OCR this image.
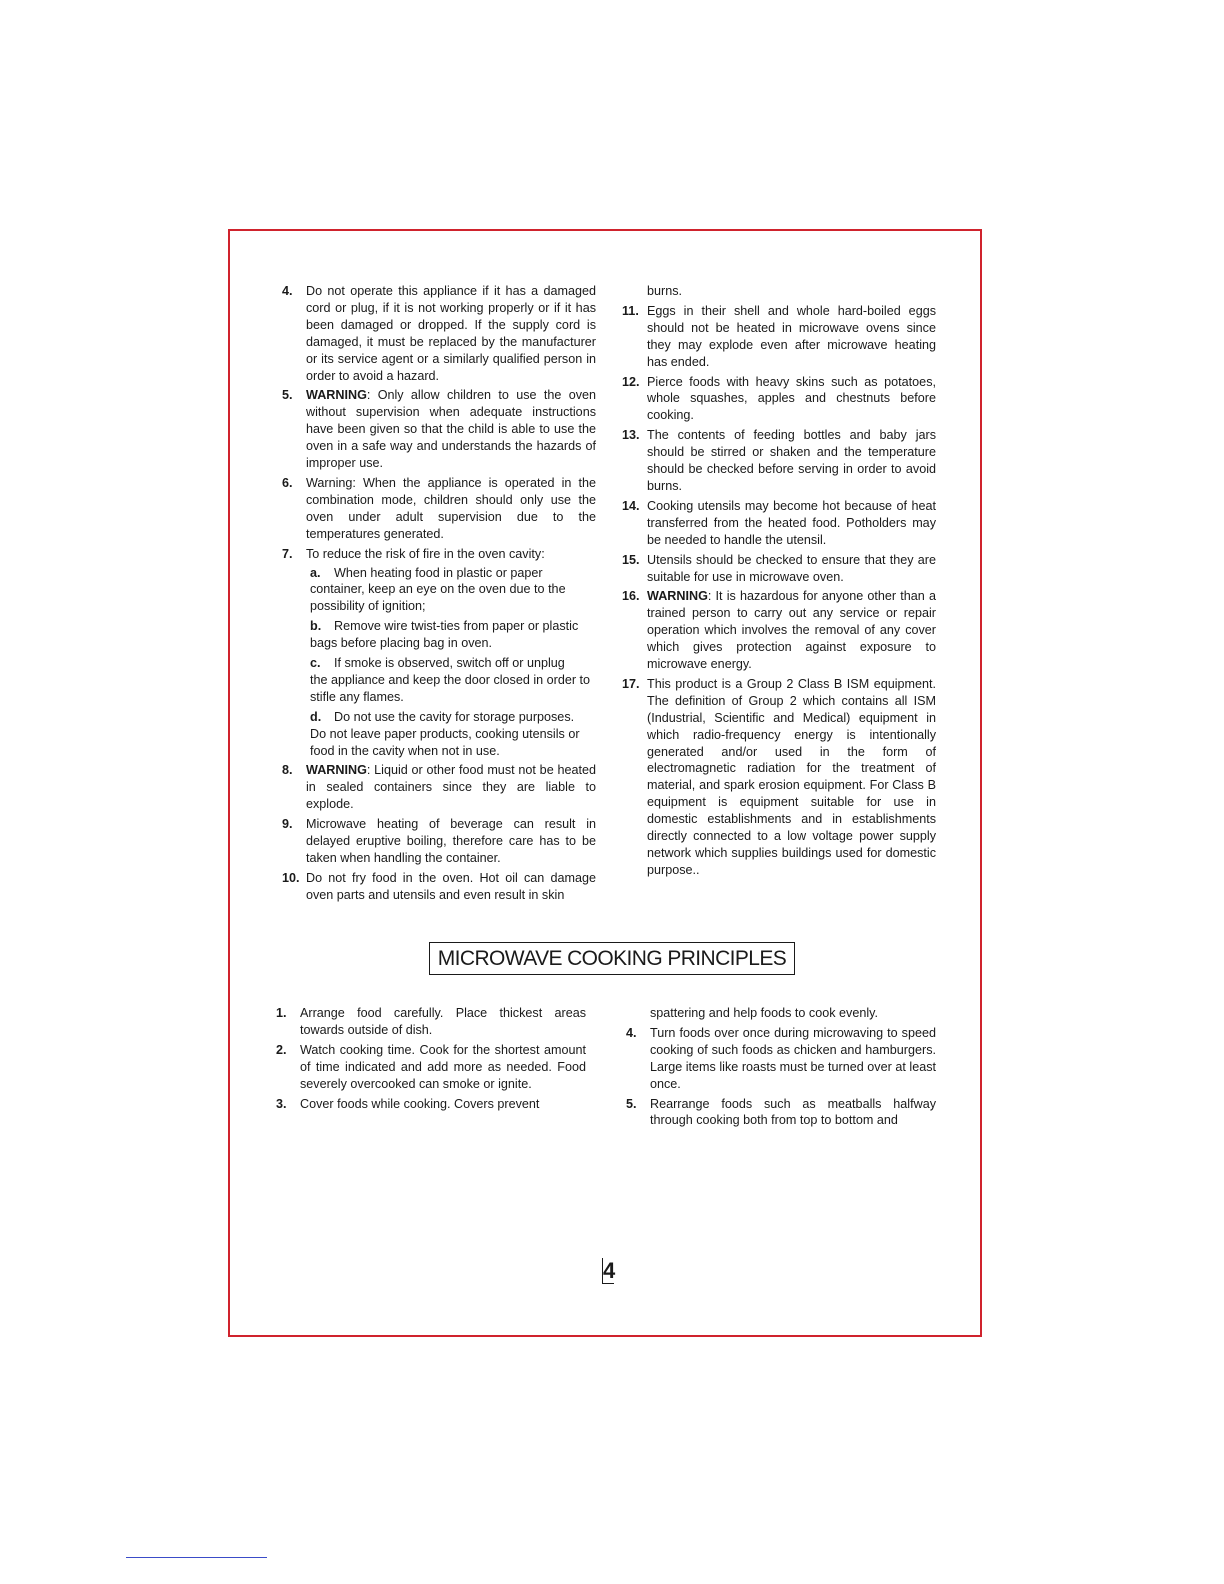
4.	Do not operate this appliance if it has a damaged cord or plug, if it is not working properly or if it has been damaged or dropped. If the supply cord is damaged, it must be replaced by the manufacturer or its service agent or a similarly qualified person in order to avoid a hazard.
5.	WARNING: Only allow children to use the oven without supervision when adequate instructions have been given so that the child is able to use the oven in a safe way and understands the hazards of improper use.
6.	Warning: When the appliance is operated in the combination mode, children should only use the oven under adult supervision due to the temperatures generated.
7.	To reduce the risk of fire in the oven cavity:
a. When heating food in plastic or paper
container, keep an eye on the oven due to the possibility of ignition;
b. Remove wire twist-ties from paper or plastic
bags before placing bag in oven.
c. If smoke is observed, switch off or unplug
the appliance and keep the door closed in order to stifle any flames.
d. Do not use the cavity for storage purposes.
Do not leave paper products, cooking utensils or food in the cavity when not in use.
8.	WARNING: Liquid or other food must not be heated in sealed containers since they are liable to explode.
9.	Microwave heating of beverage can result in delayed eruptive boiling, therefore care has to be taken when handling the container.
10. Do not fry food in the oven. Hot oil can damage oven parts and utensils and even result in skin
burns.
11. Eggs in their shell and whole hard-boiled eggs should not be heated in microwave ovens since they may explode even after microwave heating has ended.
12. Pierce foods with heavy skins such as potatoes, whole squashes, apples and chestnuts before cooking.
13. The contents of feeding bottles and baby jars should be stirred or shaken and the temperature should be checked before serving in order to avoid burns.
14. Cooking utensils may become hot because of heat transferred from the heated food. Potholders may be needed to handle the utensil.
15. Utensils should be checked to ensure that they are suitable for use in microwave oven.
16. WARNING: It is hazardous for anyone other than a trained person to carry out any service or repair operation which involves the removal of any cover which gives protection against exposure to microwave energy.
17. This product is a Group 2 Class B ISM equipment. The definition of Group 2 which contains all ISM (Industrial, Scientific and Medical) equipment in which radio-frequency energy is intentionally generated and/or used in the form of electromagnetic radiation for the treatment of material, and spark erosion equipment. For Class B equipment is equipment suitable for use in domestic establishments and in establishments directly connected to a low voltage power supply network which supplies buildings used for domestic purpose..
MICROWAVE COOKING PRINCIPLES
1.	Arrange food carefully. Place thickest areas towards outside of dish.
2.	Watch cooking time. Cook for the shortest amount of time indicated and add more as needed. Food severely overcooked can smoke or ignite.
3.	Cover foods while cooking. Covers prevent
spattering and help foods to cook evenly.
4.	Turn foods over once during microwaving to speed cooking of such foods as chicken and hamburgers. Large items like roasts must be turned over at least once.
5.	Rearrange foods such as meatballs halfway through cooking both from top to bottom and
4
